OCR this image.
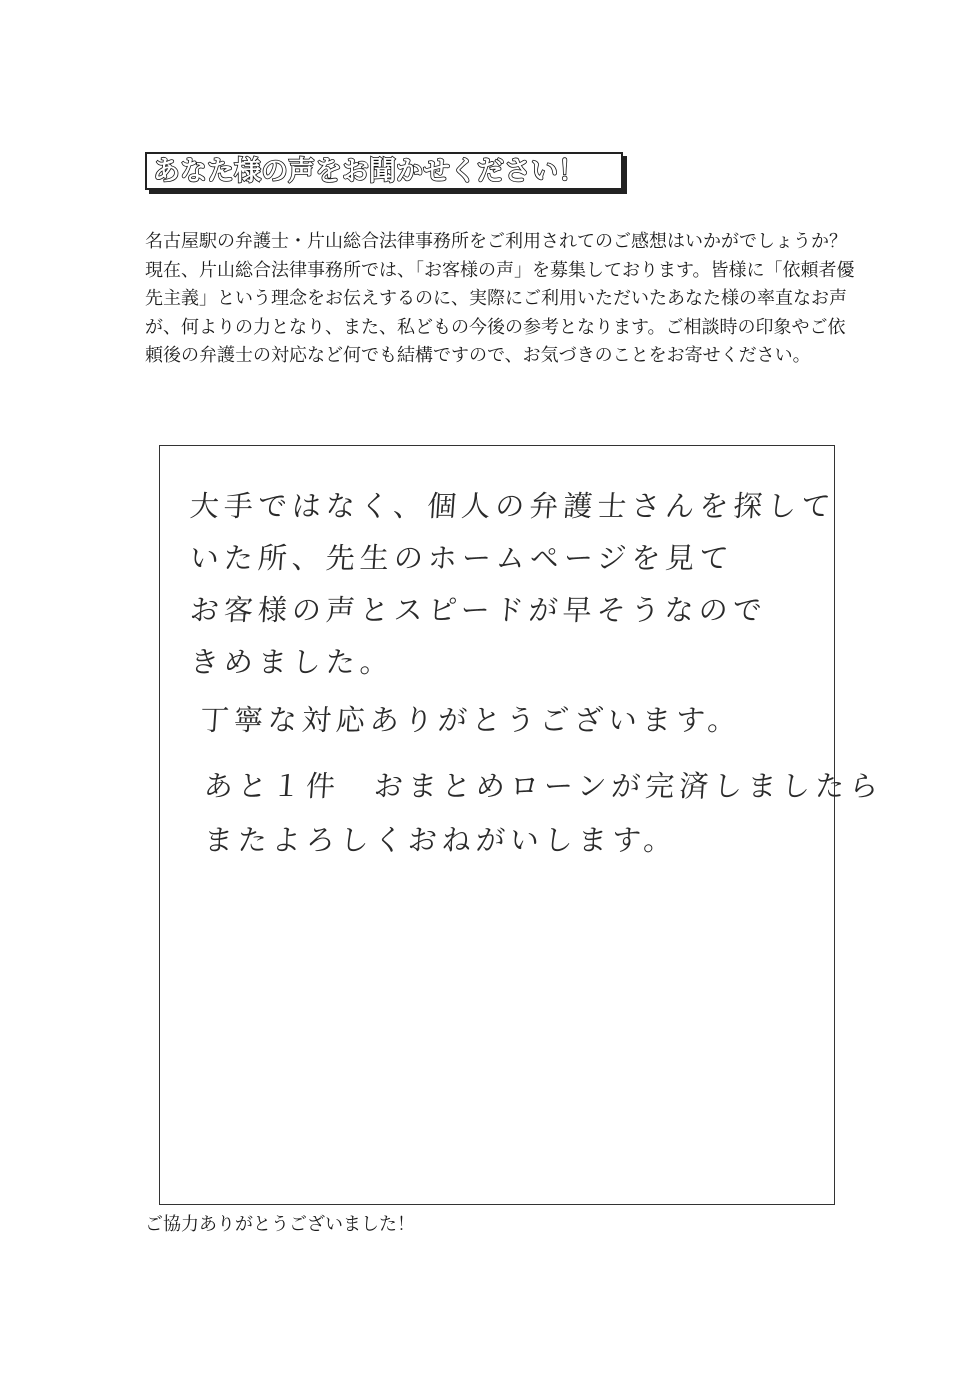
あなた様の声をお聞かせください！

名古屋駅の弁護士・片山総合法律事務所をご利用されてのご感想はいかがでしょうか？

現在、片山総合法律事務所では、「お客様の声」を募集しております。皆様に「依頼者優先主義」という理念をお伝えするのに、実際にご利用いただいたあなた様の率直なお声が、何よりの力となり、また、私どもの今後の参考となります。ご相談時の印象やご依頼後の弁護士の対応など何でも結構ですので、お気づきのことをお寄せください。

大手ではなく、個人の弁護士さんを探して
いた所、先生のホームページを見て
お客様の声とスピードが早そうなので
きめました。
丁寧な対応ありがとうございます。
あと１件　おまとめローンが完済しましたら
またよろしくおねがいします。
ご協力ありがとうございました！
